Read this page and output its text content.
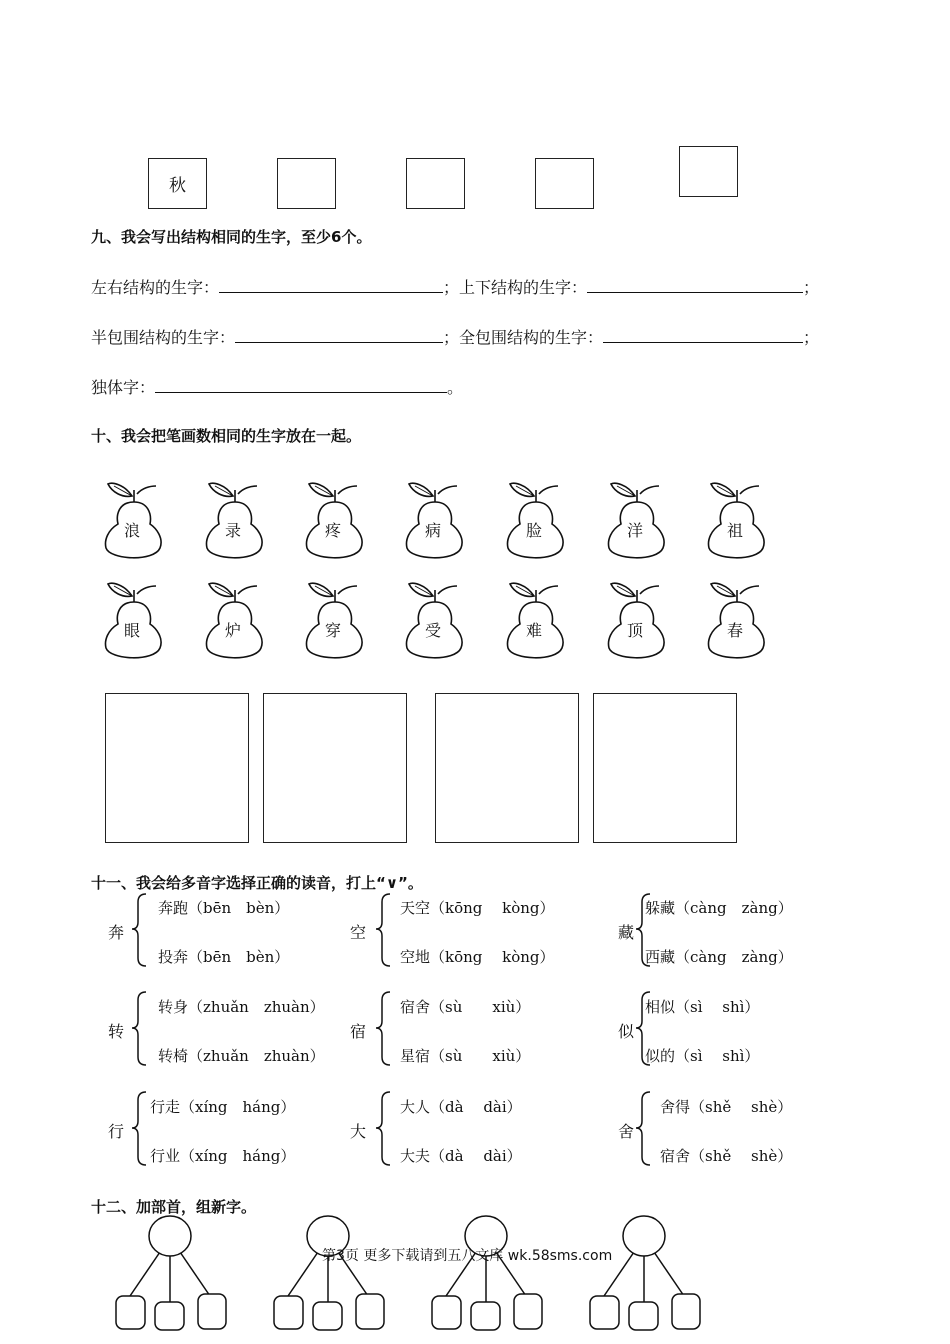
秋
九、我会写出结构相同的生字，至少6个。
左右结构的生字：	；上下结构的生字：	；
半包围结构的生字：	；全包围结构的生字：	；
独体字：	。
十、我会把笔画数相同的生字放在一起。
浪	录	疼	病	脸	洋	祖
眼	炉	穿	受	难	顶	春
十一、我会给多音字选择正确的读音，打上“∨”。
奔
奔跑（bēn　bèn）
投奔（bēn　bèn）
空
天空（kōng　 kòng）
空地（kōng　 kòng）
藏
躲藏（càng　zàng）
西藏（càng　zàng）
转
转身（zhuǎn　zhuàn）
转椅（zhuǎn　zhuàn）
宿
宿舍（sù　　xiù）
星宿（sù　　xiù）
似
相似（sì　 shì）
似的（sì　 shì）
行
行走（xíng　háng）
行业（xíng　háng）
大
大人（dà　 dài）
大夫（dà　 dài）
舍
舍得（shě　 shè）
宿舍（shě　 shè）
十二、加部首，组新字。
第3页 更多下载请到五八文库 wk.58sms.com
